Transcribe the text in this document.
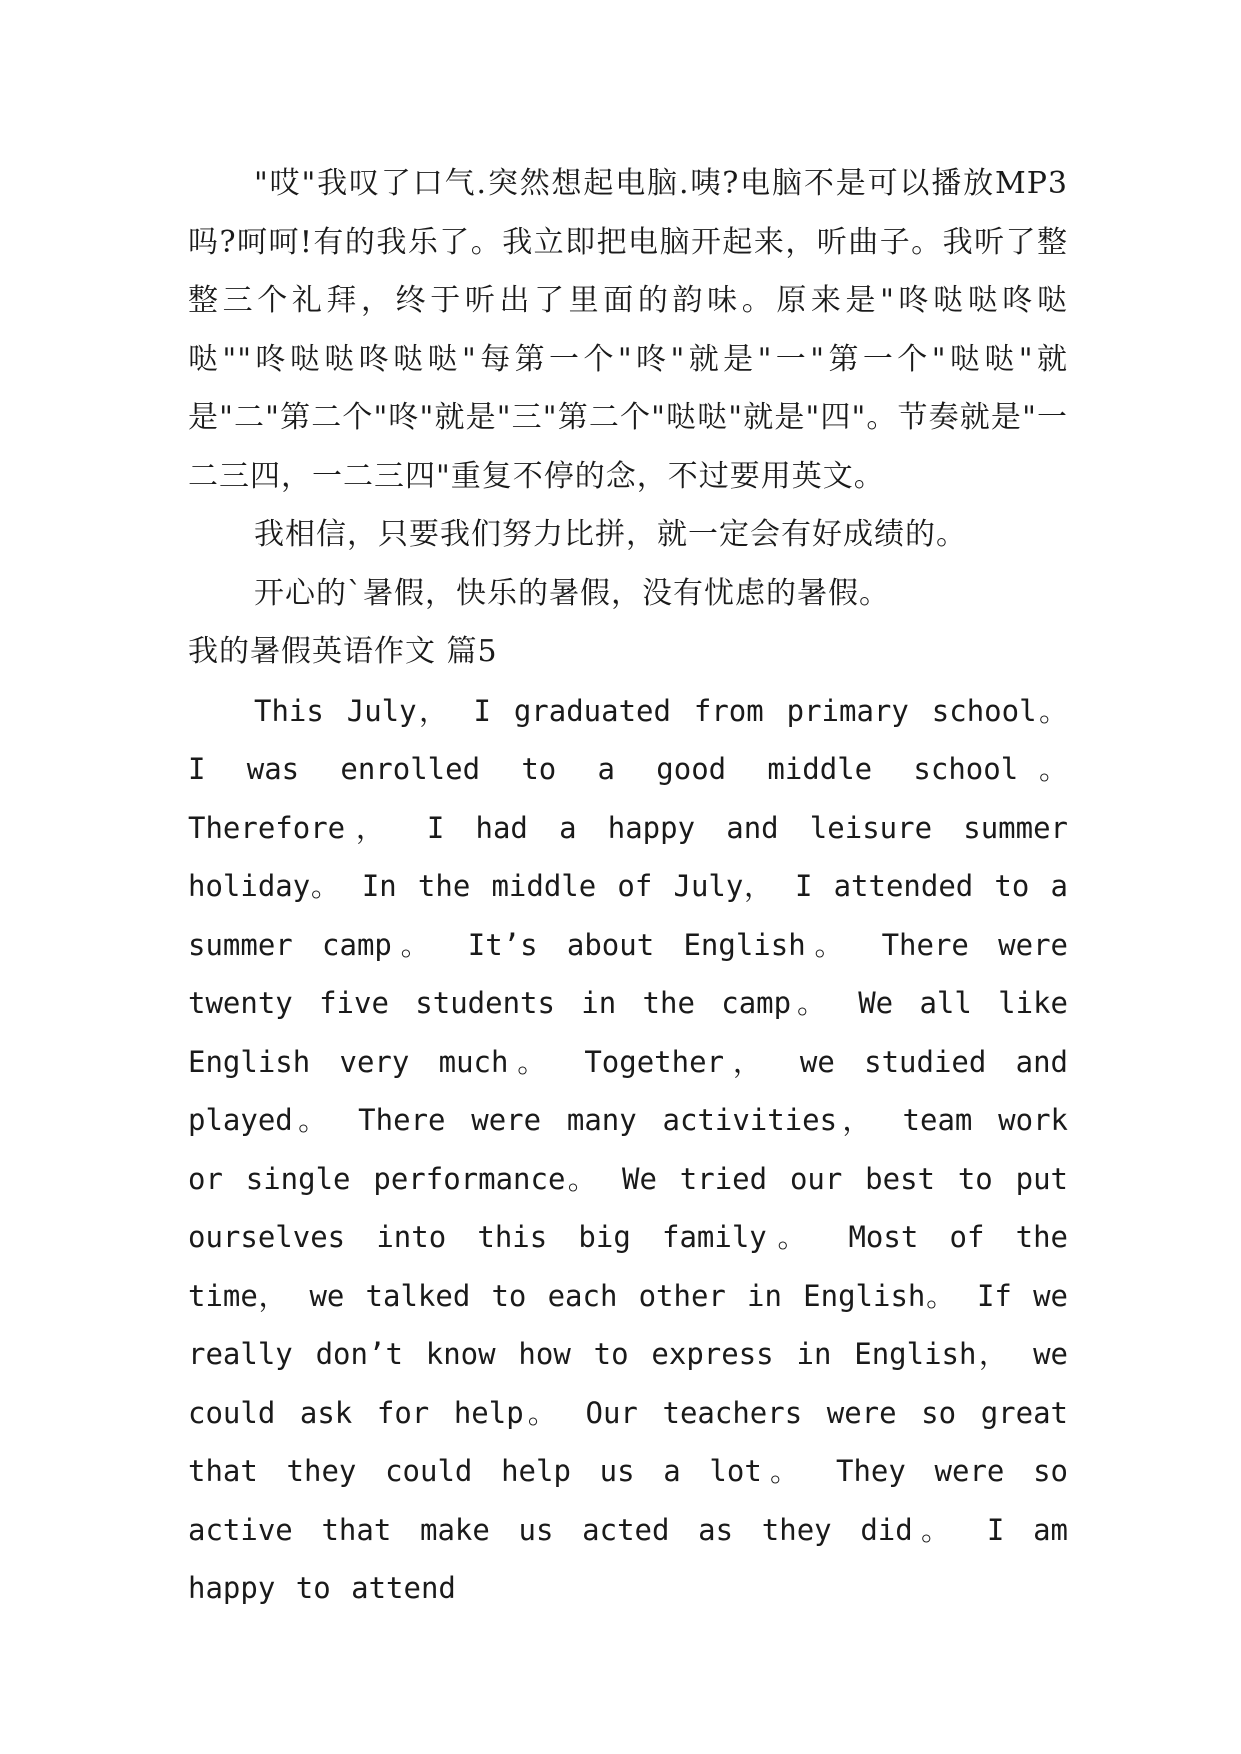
"哎"我叹了口气.突然想起电脑.咦?电脑不是可以播放MP3吗?呵呵!有的我乐了。我立即把电脑开起来，听曲子。我听了整整三个礼拜，终于听出了里面的韵味。原来是"咚哒哒咚哒哒""咚哒哒咚哒哒"每第一个"咚"就是"一"第一个"哒哒"就是"二"第二个"咚"就是"三"第二个"哒哒"就是"四"。节奏就是"一二三四，一二三四"重复不停的念，不过要用英文。

我相信，只要我们努力比拼，就一定会有好成绩的。

开心的`暑假，快乐的暑假，没有忧虑的暑假。

我的暑假英语作文 篇5

This July， I graduated from primary school。 I was enrolled to a good middle school。 Therefore， I had a happy and leisure summer holiday。 In the middle of July， I attended to a summer camp。 It’s about English。 There were twenty five students in the camp。 We all like English very much。 Together， we studied and played。 There were many activities， team work or single performance。 We tried our best to put ourselves into this big family。 Most of the time， we talked to each other in English。 If we really don’t know how to express in English， we could ask for help。 Our teachers were so great that they could help us a lot。 They were so active that make us acted as they did。 I am happy to attend
